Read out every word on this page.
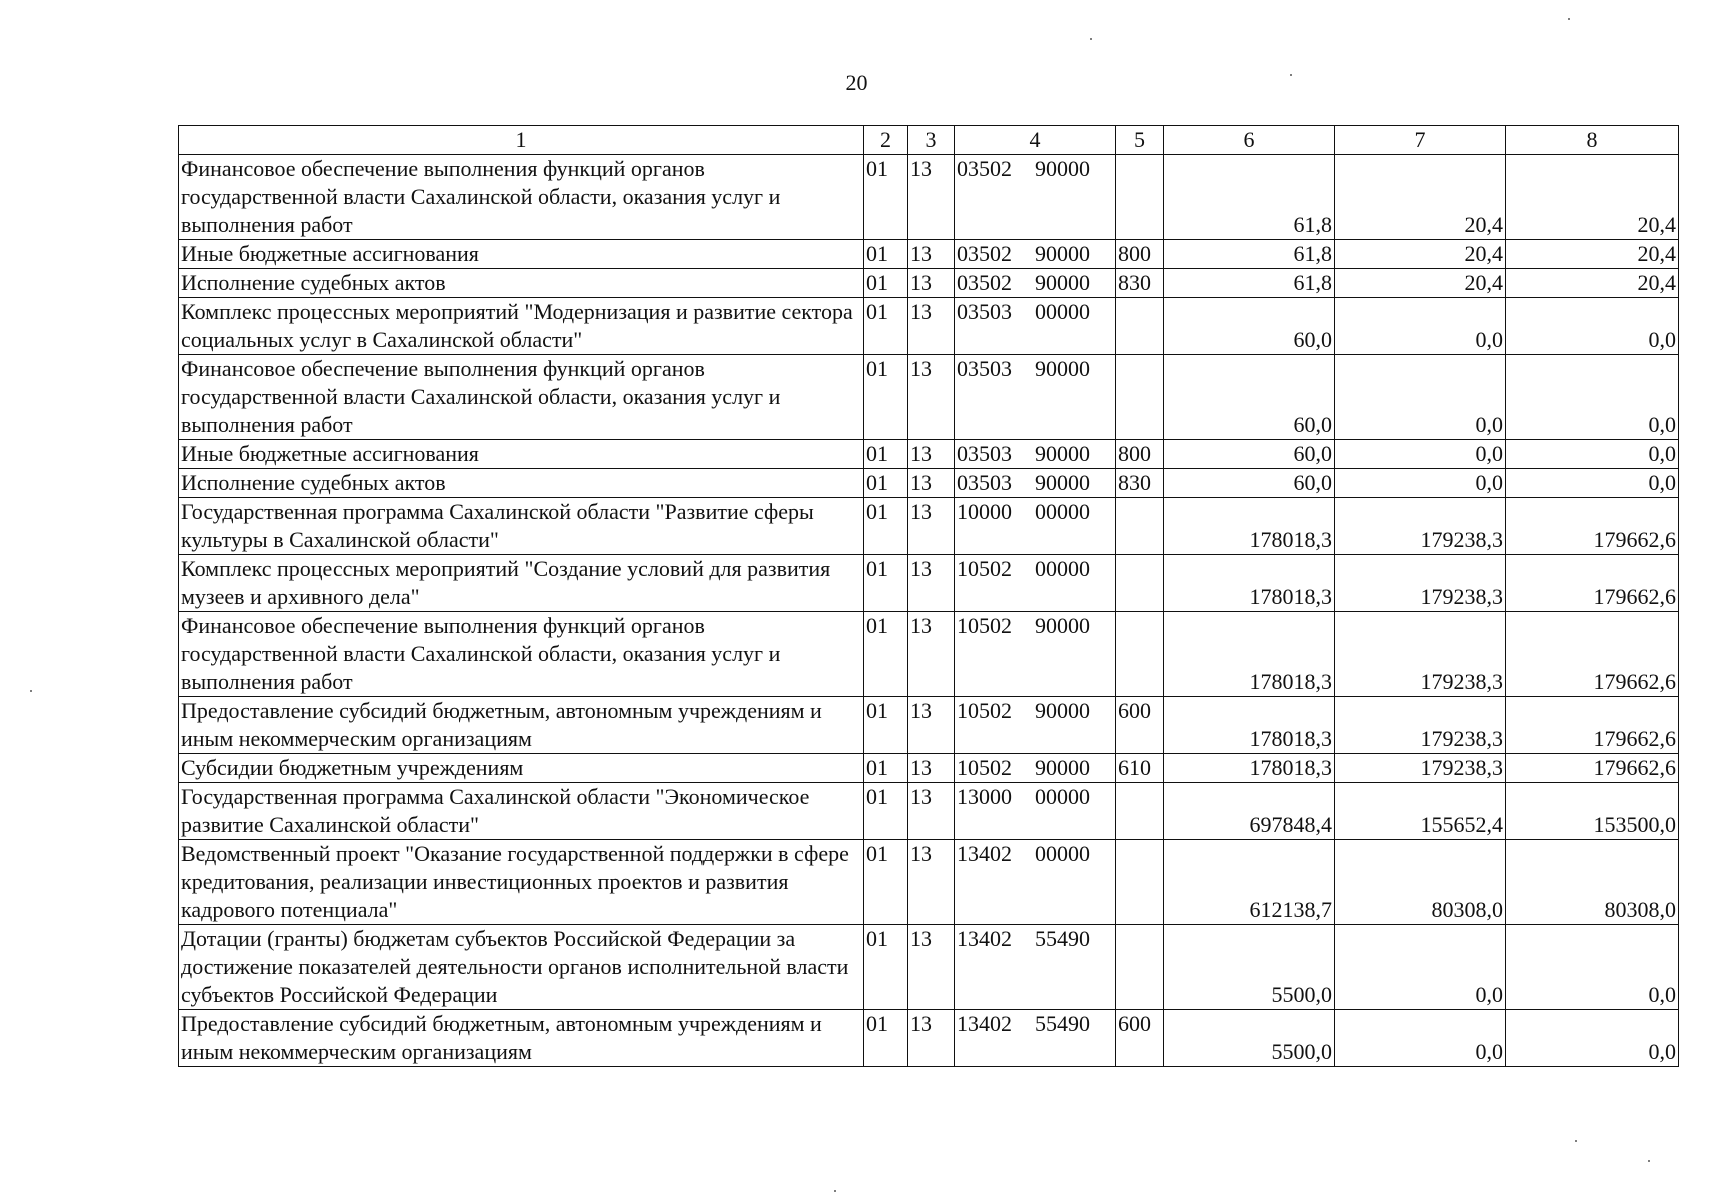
20
1	2	3	4	5	6	7	8
Финансовое обеспечение выполнения функций органов государственной власти Сахалинской области, оказания услуг и выполнения работ	01	13	03502 90000		61,8	20,4	20,4
Иные бюджетные ассигнования	01	13	03502 90000	800	61,8	20,4	20,4
Исполнение судебных актов	01	13	03502 90000	830	61,8	20,4	20,4
Комплекс процессных мероприятий "Модернизация и развитие сектора социальных услуг в Сахалинской области"	01	13	03503 00000		60,0	0,0	0,0
Финансовое обеспечение выполнения функций органов государственной власти Сахалинской области, оказания услуг и выполнения работ	01	13	03503 90000		60,0	0,0	0,0
Иные бюджетные ассигнования	01	13	03503 90000	800	60,0	0,0	0,0
Исполнение судебных актов	01	13	03503 90000	830	60,0	0,0	0,0
Государственная программа Сахалинской области "Развитие сферы культуры в Сахалинской области"	01	13	10000 00000		178018,3	179238,3	179662,6
Комплекс процессных мероприятий "Создание условий для развития музеев и архивного дела"	01	13	10502 00000		178018,3	179238,3	179662,6
Финансовое обеспечение выполнения функций органов государственной власти Сахалинской области, оказания услуг и выполнения работ	01	13	10502 90000		178018,3	179238,3	179662,6
Предоставление субсидий бюджетным, автономным учреждениям и иным некоммерческим организациям	01	13	10502 90000	600	178018,3	179238,3	179662,6
Субсидии бюджетным учреждениям	01	13	10502 90000	610	178018,3	179238,3	179662,6
Государственная программа Сахалинской области "Экономическое развитие Сахалинской области"	01	13	13000 00000		697848,4	155652,4	153500,0
Ведомственный проект "Оказание государственной поддержки в сфере кредитования, реализации инвестиционных проектов и развития кадрового потенциала"	01	13	13402 00000		612138,7	80308,0	80308,0
Дотации (гранты) бюджетам субъектов Российской Федерации за достижение показателей деятельности органов исполнительной власти субъектов Российской Федерации	01	13	13402 55490		5500,0	0,0	0,0
Предоставление субсидий бюджетным, автономным учреждениям и иным некоммерческим организациям	01	13	13402 55490	600	5500,0	0,0	0,0
